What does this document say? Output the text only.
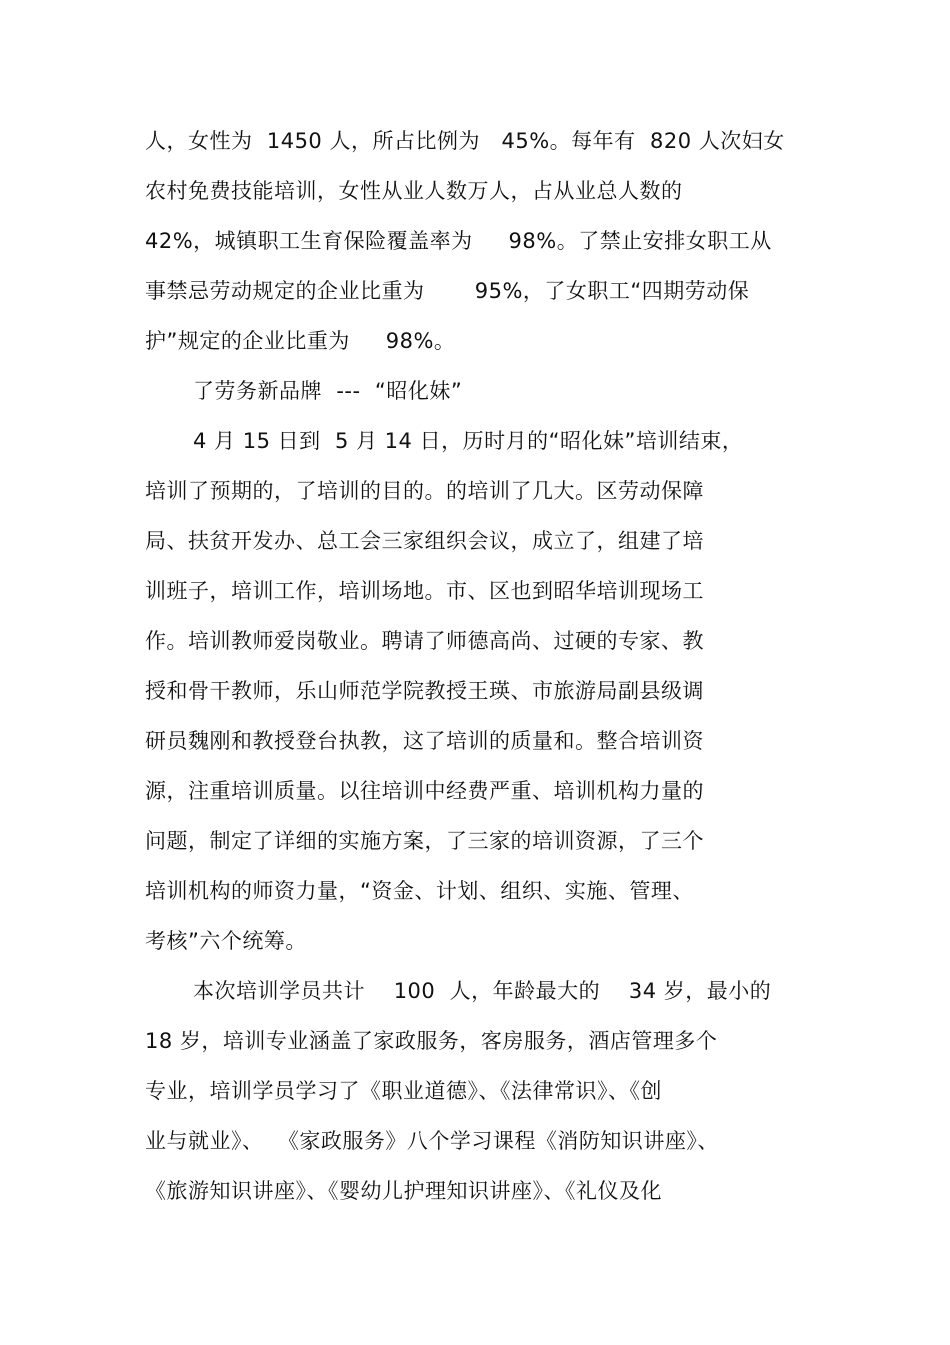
人，女性为  1450 人，所占比例为   45%。每年有  820 人次妇女
农村免费技能培训，女性从业人数万人，占从业总人数的
42%，城镇职工生育保险覆盖率为     98%。了禁止安排女职工从
事禁忌劳动规定的企业比重为       95%，了女职工“四期劳动保
护”规定的企业比重为     98%。
了劳务新品牌  ---  “昭化妹”
4 月 15 日到  5 月 14 日，历时月的“昭化妹”培训结束，
培训了预期的，了培训的目的。的培训了几大。区劳动保障
局、扶贫开发办、总工会三家组织会议，成立了，组建了培
训班子，培训工作，培训场地。市、区也到昭华培训现场工
作。培训教师爱岗敬业。聘请了师德高尚、过硬的专家、教
授和骨干教师，乐山师范学院教授王瑛、市旅游局副县级调
研员魏刚和教授登台执教，这了培训的质量和。整合培训资
源，注重培训质量。以往培训中经费严重、培训机构力量的
问题，制定了详细的实施方案，了三家的培训资源，了三个
培训机构的师资力量，“资金、计划、组织、实施、管理、
考核”六个统筹。
本次培训学员共计    100  人，年龄最大的    34 岁，最小的
18 岁，培训专业涵盖了家政服务，客房服务，酒店管理多个
专业，培训学员学习了《职业道德》、《法律常识》、《创
业与就业》、  《家政服务》八个学习课程《消防知识讲座》、
《旅游知识讲座》、《婴幼儿护理知识讲座》、《礼仪及化
